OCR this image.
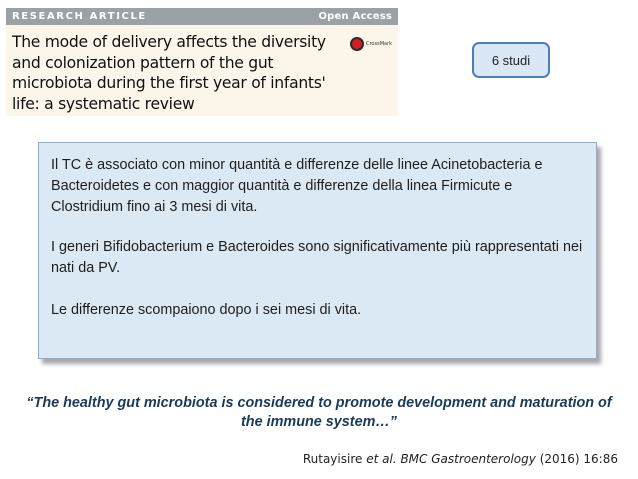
RESEARCH ARTICLE	Open Access
The mode of delivery affects the diversity and colonization pattern of the gut microbiota during the first year of infants' life: a systematic review
CrossMark
6 studi

Il TC è associato con minor quantità e differenze delle linee Acinetobacteria e Bacteroidetes e con maggior quantità e differenze della linea Firmicute e Clostridium fino ai 3 mesi di vita.

I generi Bifidobacterium e Bacteroides sono significativamente più rappresentati nei nati da PV.

Le differenze scompaiono dopo i sei mesi di vita.

“The healthy gut microbiota is considered to promote development and maturation of the immune system…”
Rutayisire et al. BMC Gastroenterology (2016) 16:86
